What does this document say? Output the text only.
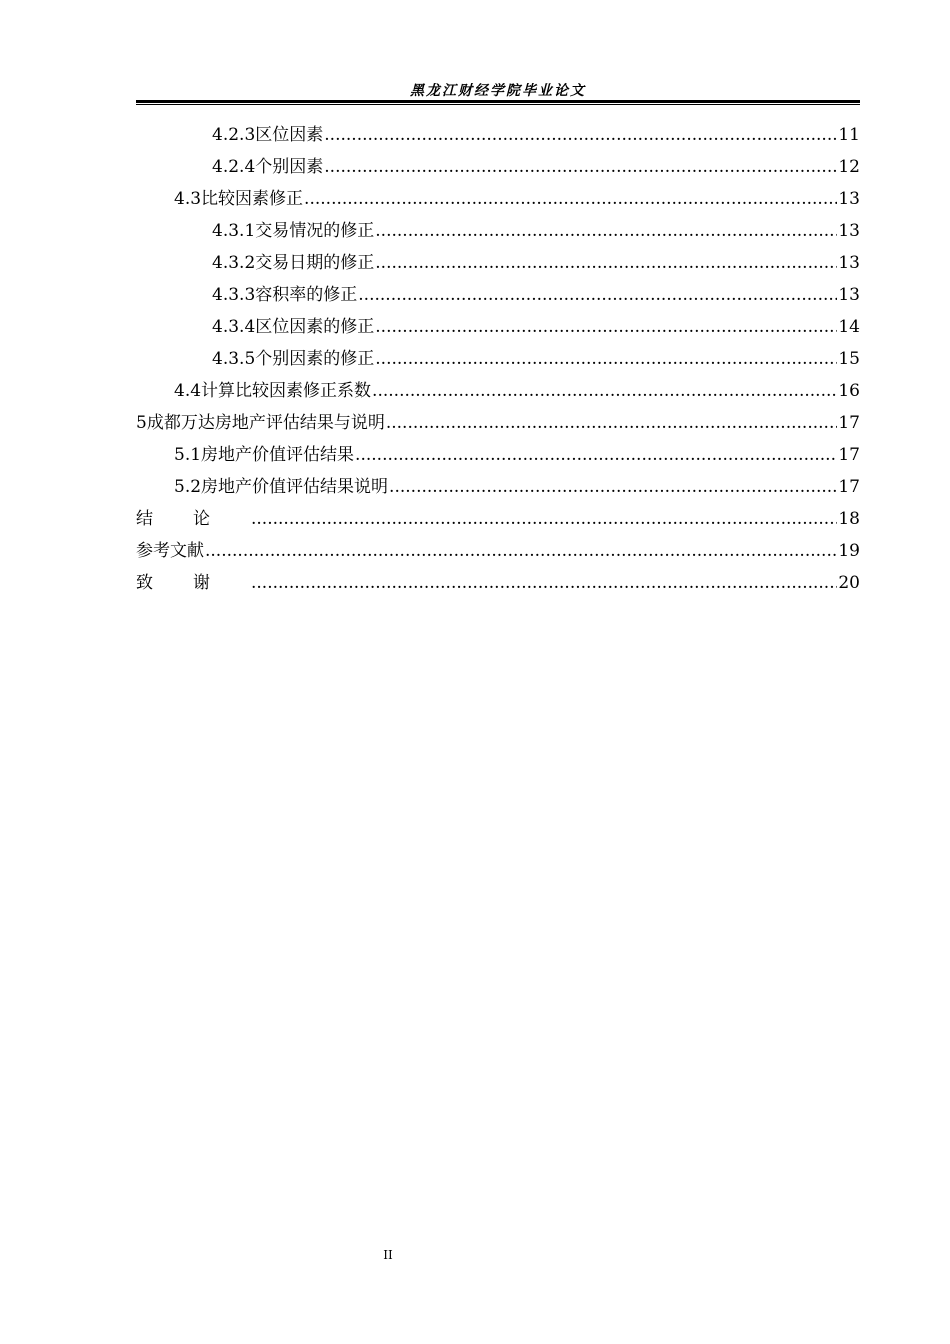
黑龙江财经学院毕业论文
4.2.3 区位因素 .....	11
4.2.4 个别因素 .....	12
4.3 比较因素修正 .....	13
4.3.1 交易情况的修正 .....	13
4.3.2 交易日期的修正 .....	13
4.3.3 容积率的修正 .....	13
4.3.4 区位因素的修正 .....	14
4.3.5 个别因素的修正 .....	15
4.4 计算比较因素修正系数 .....	16
5 成都万达房地产评估结果与说明 .....	17
5.1 房地产价值评估结果 .....	17
5.2 房地产价值评估结果说明 .....	17
结论 .....	18
参考文献 .....	19
致谢 .....	20
II
